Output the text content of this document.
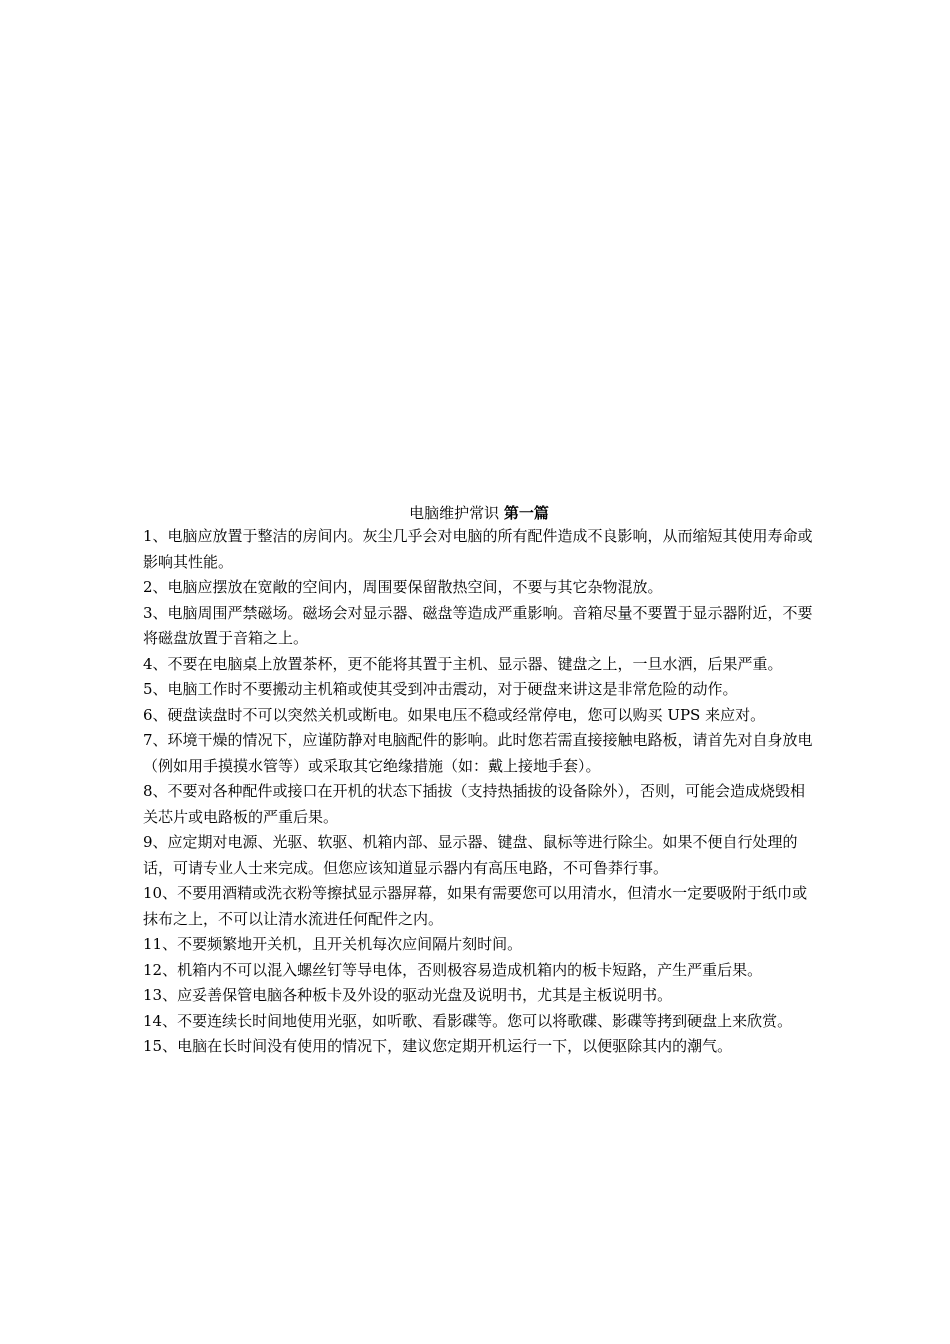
电脑维护常识 第一篇
1、电脑应放置于整洁的房间内。灰尘几乎会对电脑的所有配件造成不良影响，从而缩短其使用寿命或影响其性能。
2、电脑应摆放在宽敞的空间内，周围要保留散热空间，不要与其它杂物混放。
3、电脑周围严禁磁场。磁场会对显示器、磁盘等造成严重影响。音箱尽量不要置于显示器附近，不要将磁盘放置于音箱之上。
4、不要在电脑桌上放置茶杯，更不能将其置于主机、显示器、键盘之上，一旦水洒，后果严重。
5、电脑工作时不要搬动主机箱或使其受到冲击震动，对于硬盘来讲这是非常危险的动作。
6、硬盘读盘时不可以突然关机或断电。如果电压不稳或经常停电，您可以购买 UPS 来应对。
7、环境干燥的情况下，应谨防静对电脑配件的影响。此时您若需直接接触电路板，请首先对自身放电（例如用手摸摸水管等）或采取其它绝缘措施（如：戴上接地手套）。
8、不要对各种配件或接口在开机的状态下插拔（支持热插拔的设备除外），否则，可能会造成烧毁相关芯片或电路板的严重后果。
9、应定期对电源、光驱、软驱、机箱内部、显示器、键盘、鼠标等进行除尘。如果不便自行处理的话，可请专业人士来完成。但您应该知道显示器内有高压电路，不可鲁莽行事。
10、不要用酒精或洗衣粉等擦拭显示器屏幕，如果有需要您可以用清水，但清水一定要吸附于纸巾或抹布之上，不可以让清水流进任何配件之内。
11、不要频繁地开关机，且开关机每次应间隔片刻时间。
12、机箱内不可以混入螺丝钉等导电体，否则极容易造成机箱内的板卡短路，产生严重后果。
13、应妥善保管电脑各种板卡及外设的驱动光盘及说明书，尤其是主板说明书。
14、不要连续长时间地使用光驱，如听歌、看影碟等。您可以将歌碟、影碟等拷到硬盘上来欣赏。
15、电脑在长时间没有使用的情况下，建议您定期开机运行一下，以便驱除其内的潮气。
